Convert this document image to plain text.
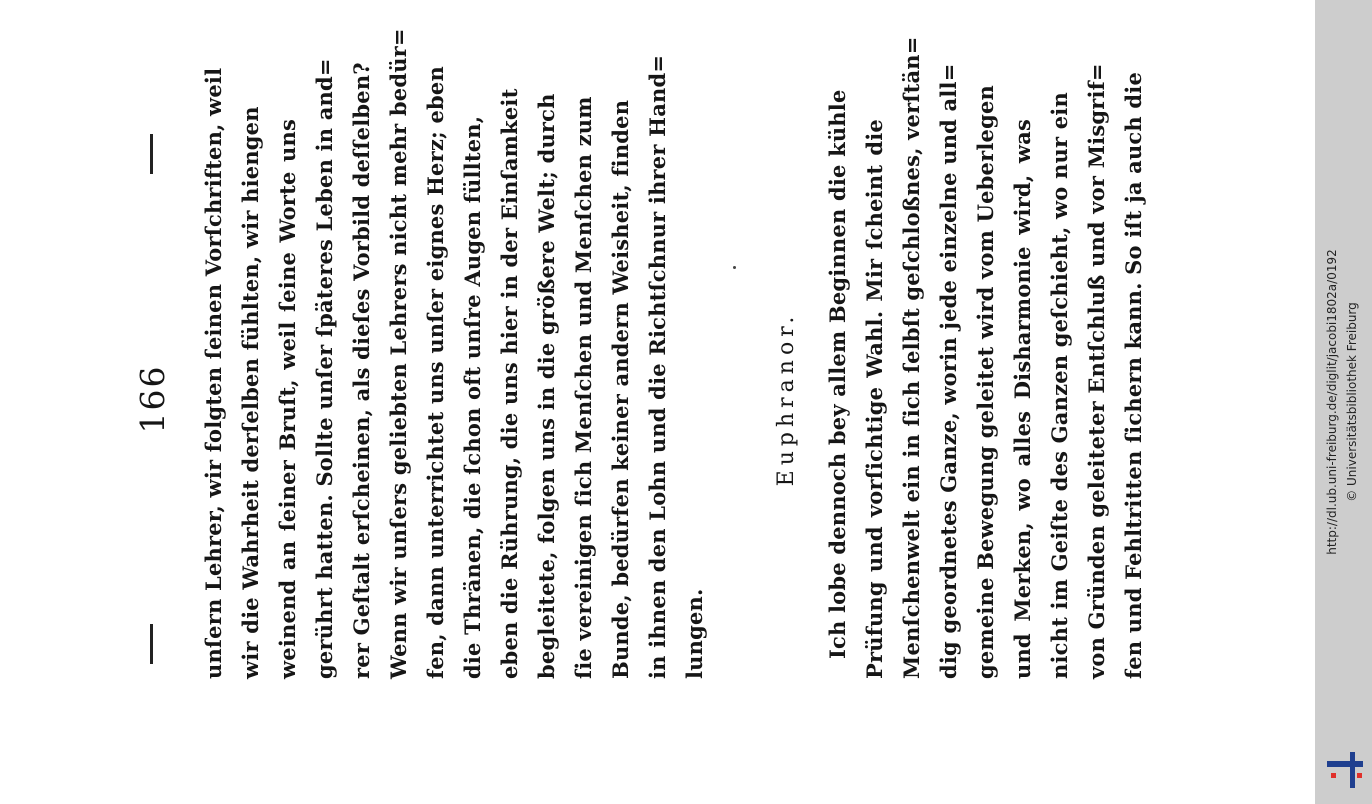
166 unſern Lehrer, wir folgten ſeinen Vorſchriften, weil wir die Wahrheit derſelben fühlten, wir hiengen weinend an ſeiner Bruſt, weil ſeine Worte uns gerührt hatten. Sollte unſer ſpäteres Leben in and= rer Geſtalt erſcheinen, als dieſes Vorbild deſſelben? Wenn wir unſers geliebten Lehrers nicht mehr bedür= fen, dann unterrichtet uns unſer eignes Herz; eben die Thränen, die ſchon oft unſre Augen füllten, eben die Rührung, die uns hier in der Einſamkeit begleitete, folgen uns in die größere Welt; durch ſie vereinigen ſich Menſchen und Menſchen zum Bunde, bedürfen keiner andern Weisheit, finden in ihnen den Lohn und die Richtſchnur ihrer Hand= lungen.
Euphranor. Ich lobe dennoch bey allem Beginnen die kühle Prüfung und vorſichtige Wahl. Mir ſcheint die Menſchenwelt ein in ſich ſelbſt geſchloßnes, verſtän= dig geordnetes Ganze, worin jede einzelne und all= gemeine Bewegung geleitet wird vom Ueberlegen und Merken, wo alles Disharmonie wird, was nicht im Geiſte des Ganzen geſchieht, wo nur ein von Gründen geleiteter Entſchluß und vor Misgrif= fen und Fehltritten ſichern kann. So iſt ja auch die	http://dl.ub.uni-freiburg.de/diglit/jacobi1802a/0192 © Universitätsbibliothek Freiburg
